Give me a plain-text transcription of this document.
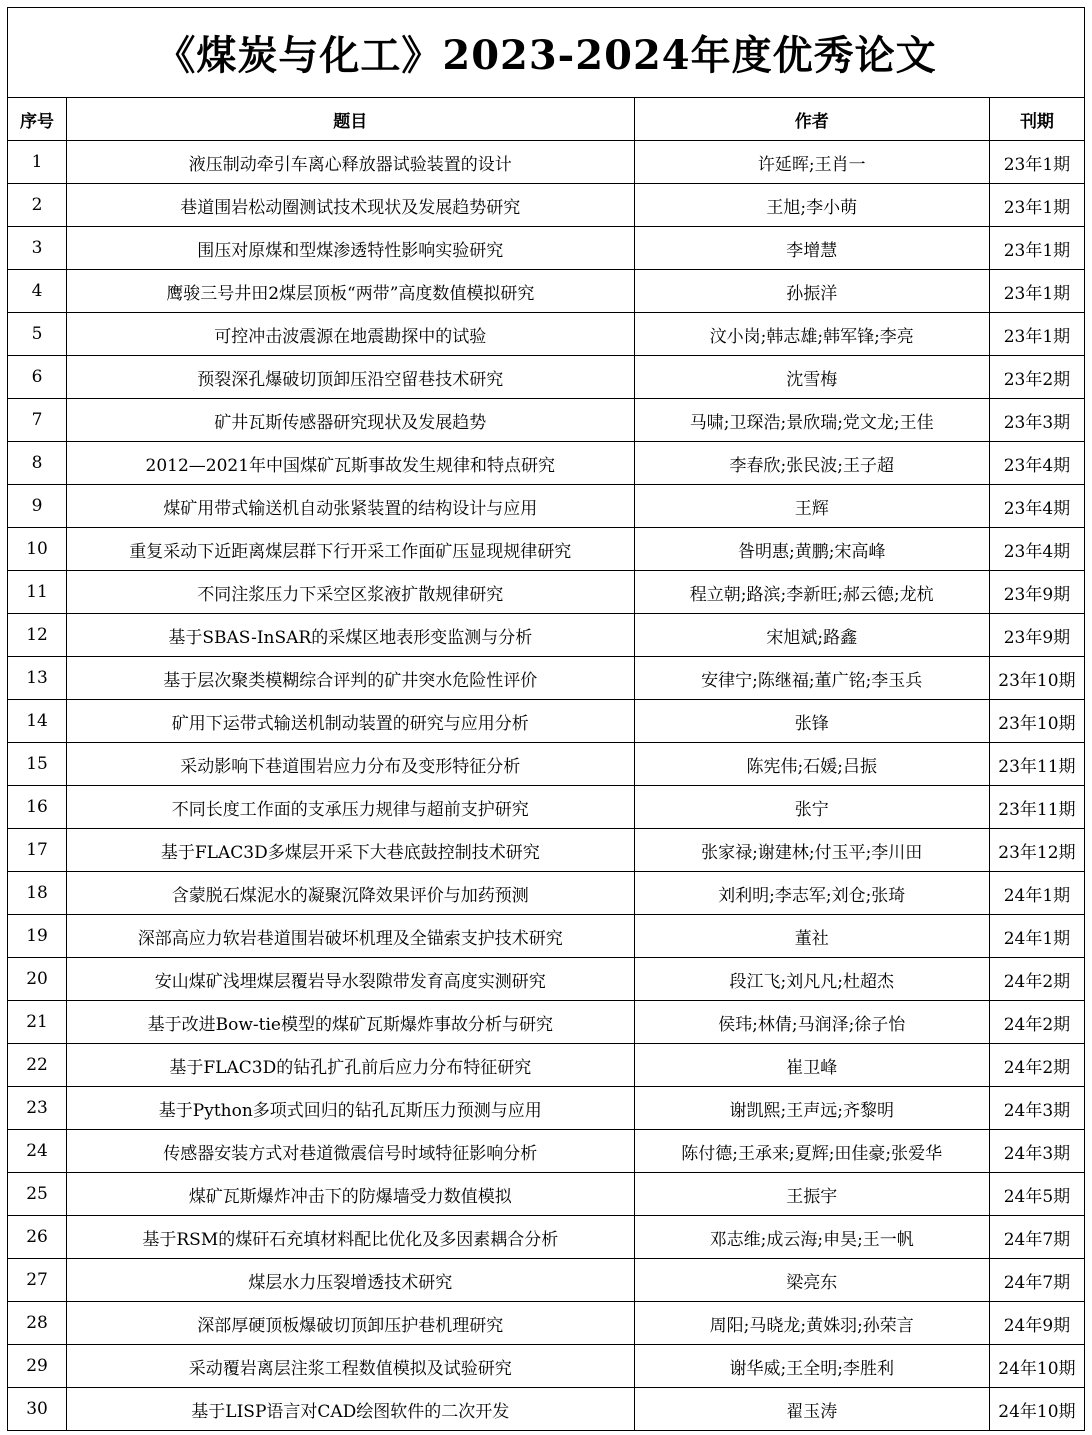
《煤炭与化工》2023-2024年度优秀论文			
序号	题目	作者	刊期
1	液压制动牵引车离心释放器试验装置的设计	许延晖;王肖一	23年1期
2	巷道围岩松动圈测试技术现状及发展趋势研究	王旭;李小萌	23年1期
3	围压对原煤和型煤渗透特性影响实验研究	李增慧	23年1期
4	鹰骏三号井田2煤层顶板“两带”高度数值模拟研究	孙振洋	23年1期
5	可控冲击波震源在地震勘探中的试验	汶小岗;韩志雄;韩军锋;李亮	23年1期
6	预裂深孔爆破切顶卸压沿空留巷技术研究	沈雪梅	23年2期
7	矿井瓦斯传感器研究现状及发展趋势	马啸;卫琛浩;景欣瑞;党文龙;王佳	23年3期
8	2012—2021年中国煤矿瓦斯事故发生规律和特点研究	李春欣;张民波;王子超	23年4期
9	煤矿用带式输送机自动张紧装置的结构设计与应用	王辉	23年4期
10	重复采动下近距离煤层群下行开采工作面矿压显现规律研究	昝明惠;黄鹏;宋高峰	23年4期
11	不同注浆压力下采空区浆液扩散规律研究	程立朝;路滨;李新旺;郝云德;龙杭	23年9期
12	基于SBAS-InSAR的采煤区地表形变监测与分析	宋旭斌;路鑫	23年9期
13	基于层次聚类模糊综合评判的矿井突水危险性评价	安律宁;陈继福;董广铭;李玉兵	23年10期
14	矿用下运带式输送机制动装置的研究与应用分析	张锋	23年10期
15	采动影响下巷道围岩应力分布及变形特征分析	陈宪伟;石媛;吕振	23年11期
16	不同长度工作面的支承压力规律与超前支护研究	张宁	23年11期
17	基于FLAC3D多煤层开采下大巷底鼓控制技术研究	张家禄;谢建林;付玉平;李川田	23年12期
18	含蒙脱石煤泥水的凝聚沉降效果评价与加药预测	刘利明;李志军;刘仓;张琦	24年1期
19	深部高应力软岩巷道围岩破坏机理及全锚索支护技术研究	董社	24年1期
20	安山煤矿浅埋煤层覆岩导水裂隙带发育高度实测研究	段江飞;刘凡凡;杜超杰	24年2期
21	基于改进Bow-tie模型的煤矿瓦斯爆炸事故分析与研究	侯玮;林倩;马润泽;徐子怡	24年2期
22	基于FLAC3D的钻孔扩孔前后应力分布特征研究	崔卫峰	24年2期
23	基于Python多项式回归的钻孔瓦斯压力预测与应用	谢凯熙;王声远;齐黎明	24年3期
24	传感器安装方式对巷道微震信号时域特征影响分析	陈付德;王承来;夏辉;田佳豪;张爱华	24年3期
25	煤矿瓦斯爆炸冲击下的防爆墙受力数值模拟	王振宇	24年5期
26	基于RSM的煤矸石充填材料配比优化及多因素耦合分析	邓志维;成云海;申昊;王一帆	24年7期
27	煤层水力压裂增透技术研究	梁亮东	24年7期
28	深部厚硬顶板爆破切顶卸压护巷机理研究	周阳;马晓龙;黄姝羽;孙荣言	24年9期
29	采动覆岩离层注浆工程数值模拟及试验研究	谢华威;王全明;李胜利	24年10期
30	基于LISP语言对CAD绘图软件的二次开发	翟玉涛	24年10期
